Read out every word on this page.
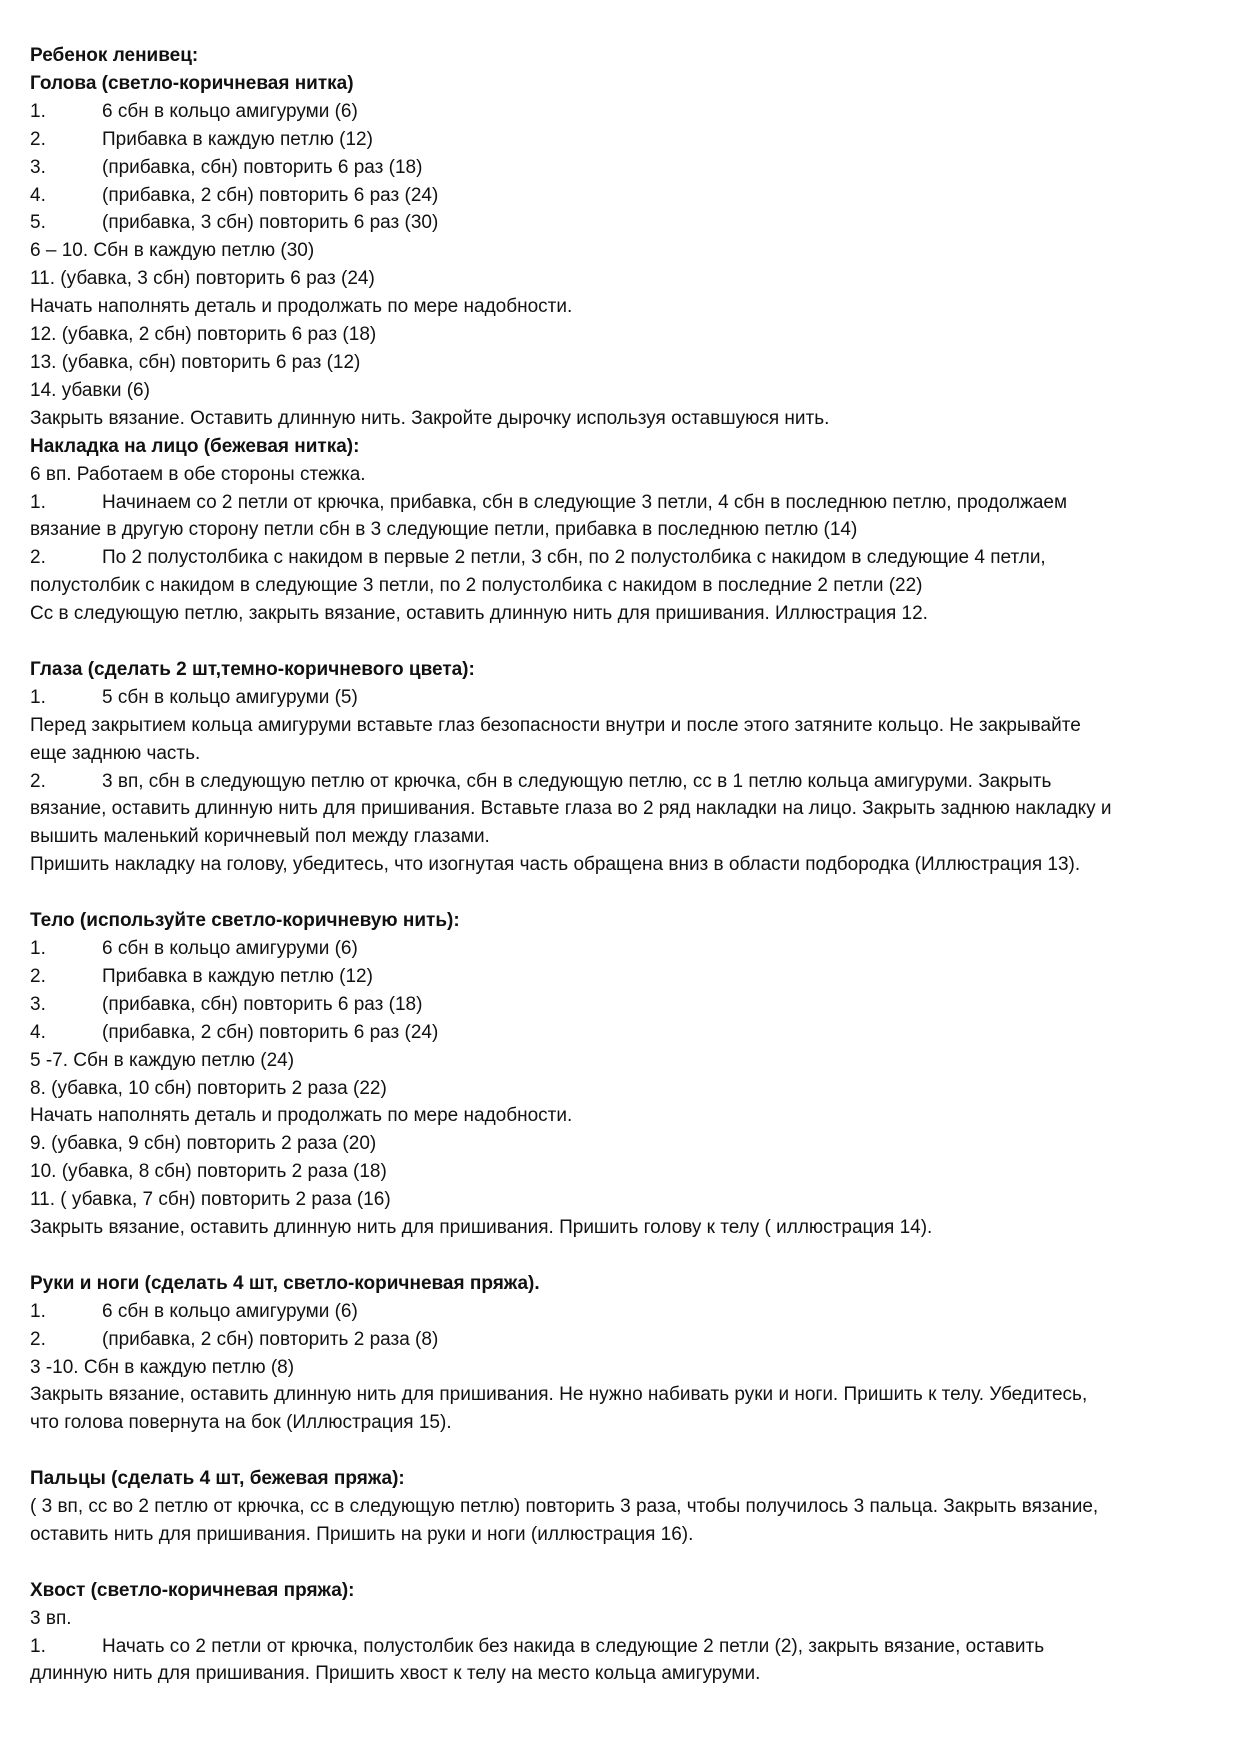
Ребенок ленивец:
Голова (светло-коричневая нитка)
1.	6 сбн в кольцо амигуруми (6)
2.	Прибавка в каждую петлю (12)
3.	(прибавка, сбн) повторить 6 раз (18)
4.	(прибавка, 2 сбн) повторить 6 раз (24)
5.	(прибавка, 3 сбн) повторить 6 раз (30)
6 – 10. Сбн в каждую петлю (30)
11. (убавка, 3 сбн) повторить 6 раз (24)
Начать наполнять деталь и продолжать по мере надобности.
12. (убавка, 2 сбн) повторить 6 раз (18)
13. (убавка, сбн) повторить 6 раз (12)
14. убавки (6)
Закрыть вязание. Оставить длинную нить. Закройте дырочку используя оставшуюся нить.
Накладка на лицо (бежевая нитка):
6 вп. Работаем в обе стороны стежка.
1.	Начинаем со 2 петли от крючка, прибавка, сбн в следующие 3 петли, 4 сбн в последнюю петлю, продолжаем
вязание в другую сторону петли сбн в 3 следующие петли, прибавка в последнюю петлю (14)
2.	По 2 полустолбика с накидом в первые 2 петли, 3 сбн, по 2 полустолбика с накидом в следующие 4 петли,
полустолбик с накидом в следующие 3 петли, по 2 полустолбика с накидом в последние 2 петли (22)
Сс в следующую петлю, закрыть вязание, оставить длинную нить для пришивания. Иллюстрация 12.
Глаза (сделать 2 шт,темно-коричневого цвета):
1.	5 сбн в кольцо амигуруми (5)
Перед закрытием кольца амигуруми вставьте глаз безопасности внутри и после этого затяните кольцо. Не закрывайте
еще заднюю часть.
2.	3 вп, сбн в следующую петлю от крючка, сбн в следующую петлю, сс в 1 петлю кольца амигуруми. Закрыть
вязание, оставить длинную нить для пришивания. Вставьте глаза во 2 ряд накладки на лицо. Закрыть заднюю накладку и
вышить маленький коричневый пол между глазами.
Пришить накладку на голову, убедитесь, что изогнутая часть обращена вниз в области подбородка (Иллюстрация 13).
Тело (используйте светло-коричневую нить):
1.	6 сбн в кольцо амигуруми (6)
2.	Прибавка в каждую петлю (12)
3.	(прибавка, сбн) повторить 6 раз (18)
4.	(прибавка, 2 сбн) повторить 6 раз (24)
5 -7. Сбн в каждую петлю (24)
8. (убавка, 10 сбн) повторить 2 раза (22)
Начать наполнять деталь и продолжать по мере надобности.
9. (убавка, 9 сбн) повторить 2 раза (20)
10. (убавка, 8 сбн) повторить 2 раза (18)
11. ( убавка, 7 сбн) повторить 2 раза (16)
Закрыть вязание, оставить длинную нить для пришивания. Пришить голову к телу ( иллюстрация 14).
Руки и ноги (сделать 4 шт, светло-коричневая пряжа).
1.	6 сбн в кольцо амигуруми (6)
2.	(прибавка, 2 сбн) повторить 2 раза (8)
3 -10. Сбн в каждую петлю (8)
Закрыть вязание, оставить длинную нить для пришивания. Не нужно набивать руки и ноги. Пришить к телу. Убедитесь,
что голова повернута на бок (Иллюстрация 15).
Пальцы (сделать 4 шт, бежевая пряжа):
( 3 вп, сс во 2 петлю от крючка, сс в следующую петлю) повторить 3 раза, чтобы получилось 3 пальца. Закрыть вязание,
оставить нить для пришивания. Пришить на руки и ноги (иллюстрация 16).
Хвост (светло-коричневая пряжа):
3 вп.
1.	Начать со 2 петли от крючка, полустолбик без накида в следующие 2 петли (2), закрыть вязание, оставить
длинную нить для пришивания. Пришить хвост к телу на место кольца амигуруми.
